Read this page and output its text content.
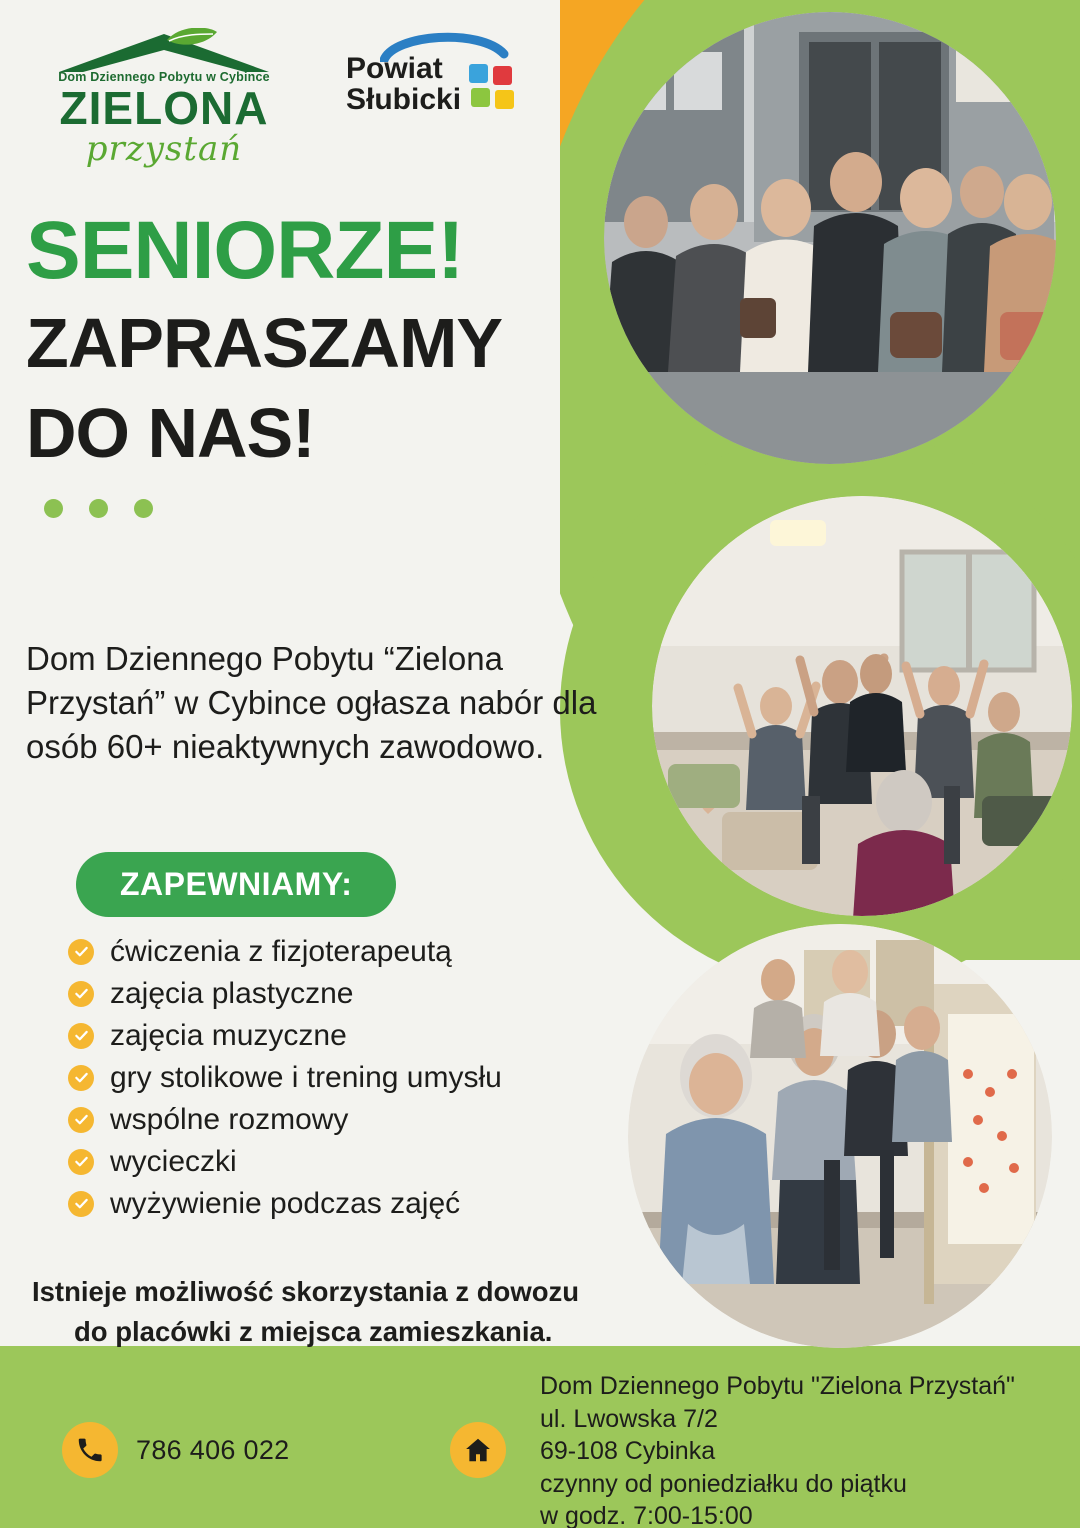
Dom Dziennego Pobytu w Cybince
ZIELONA
przystań
Powiat
Słubicki
SENIORZE!
ZAPRASZAMY
DO NAS!
Dom Dziennego Pobytu “Zielona Przystań” w Cybince ogłasza nabór dla osób 60+ nieaktywnych zawodowo.
ZAPEWNIAMY:
ćwiczenia z fizjoterapeutą
zajęcia plastyczne
zajęcia muzyczne
gry stolikowe i trening umysłu
wspólne rozmowy
wycieczki
wyżywienie podczas zajęć
Istnieje możliwość skorzystania z dowozu
do placówki z miejsca zamieszkania.
786 406 022
Dom Dziennego Pobytu "Zielona Przystań"
ul. Lwowska 7/2
69-108 Cybinka
czynny od poniedziałku do piątku
w godz. 7:00-15:00
